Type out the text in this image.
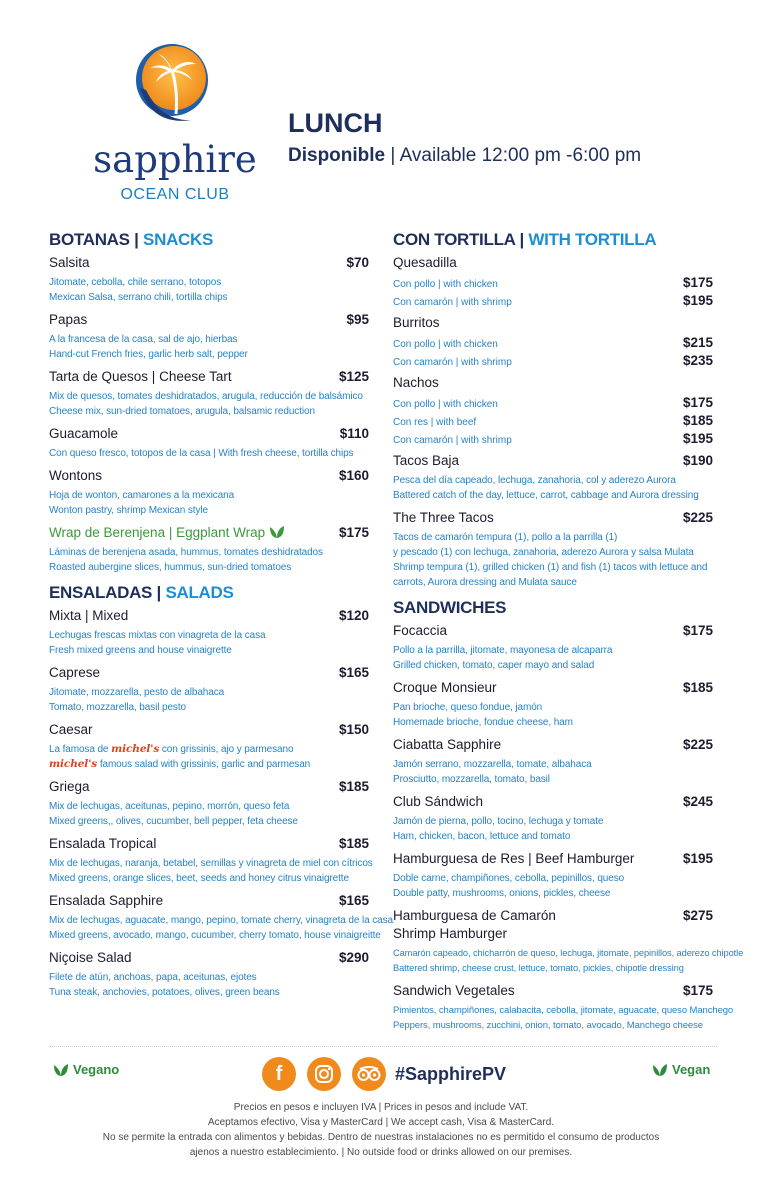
sapphire
OCEAN CLUB
LUNCH
Disponible | Available 12:00 pm -6:00 pm
BOTANAS | SNACKS
Salsita	$70
Jitomate, cebolla, chile serrano, totopos
Mexican Salsa, serrano chili, tortilla chips
Papas	$95
A la francesa de la casa, sal de ajo, hierbas
Hand-cut French fries, garlic herb salt, pepper
Tarta de Quesos | Cheese Tart	$125
Mix de quesos, tomates deshidratados, arugula, reducción de balsámico
Cheese mix, sun-dried tomatoes, arugula, balsamic reduction
Guacamole	$110
Con queso fresco, totopos de la casa | With fresh cheese, tortilla chips
Wontons	$160
Hoja de wonton, camarones a la mexicana
Wonton pastry, shrimp Mexican style
Wrap de Berenjena | Eggplant Wrap	$175
Láminas de berenjena asada, hummus, tomates deshidratados
Roasted aubergine slices, hummus, sun-dried tomatoes
ENSALADAS | SALADS
Mixta | Mixed	$120
Lechugas frescas mixtas con vinagreta de la casa
Fresh mixed greens and house vinaigrette
Caprese	$165
Jitomate, mozzarella, pesto de albahaca
Tomato, mozzarella, basil pesto
Caesar	$150
La famosa de michel's con grissinis, ajo y parmesano
michel's famous salad with grissinis, garlic and parmesan
Griega	$185
Mix de lechugas, aceitunas, pepino, morrón, queso feta
Mixed greens,, olives, cucumber, bell pepper, feta cheese
Ensalada Tropical	$185
Mix de lechugas, naranja, betabel, semillas y vinagreta de miel con cítricos
Mixed greens, orange slices, beet, seeds and honey citrus vinaigrette
Ensalada Sapphire	$165
Mix de lechugas, aguacate, mango, pepino, tomate cherry, vinagreta de la casa
Mixed greens, avocado, mango, cucumber, cherry tomato, house vinaigreitte
Niçoise Salad	$290
Filete de atún, anchoas, papa, aceitunas, ejotes
Tuna steak, anchovies, potatoes, olives, green beans
CON TORTILLA | WITH TORTILLA
Quesadilla
Con pollo | with chicken	$175
Con camarón | with shrimp	$195
Burritos
Con pollo | with chicken	$215
Con camarón | with shrimp	$235
Nachos
Con pollo | with chicken	$175
Con res | with beef	$185
Con camarón | with shrimp	$195
Tacos Baja	$190
Pesca del día capeado, lechuga, zanahoria, col y aderezo Aurora
Battered catch of the day, lettuce, carrot, cabbage and Aurora dressing
The Three Tacos	$225
Tacos de camarón tempura (1), pollo a la parrilla (1)
y pescado (1) con lechuga, zanahoria, aderezo Aurora y salsa Mulata
Shrimp tempura (1), grilled chicken (1) and fish (1) tacos with lettuce and
carrots, Aurora dressing and Mulata sauce
SANDWICHES
Focaccia	$175
Pollo a la parrilla, jitomate, mayonesa de alcaparra
Grilled chicken, tomato, caper mayo and salad
Croque Monsieur	$185
Pan brioche, queso fondue, jamón
Homemade brioche, fondue cheese, ham
Ciabatta Sapphire	$225
Jamón serrano, mozzarella, tomate, albahaca
Prosciutto, mozzarella, tomato, basil
Club Sándwich	$245
Jamón de pierna, pollo, tocino, lechuga y tomate
Ham, chicken, bacon, lettuce and tomato
Hamburguesa de Res | Beef Hamburger	$195
Doble carne, champiñones, cebolla, pepinillos, queso
Double patty, mushrooms, onions, pickles, cheese
Hamburguesa de Camarón	$275
Shrimp Hamburger
Camarón capeado, chicharrón de queso, lechuga, jitomate, pepinillos, aderezo chipotle
Battered shrimp, cheese crust, lettuce, tomato, pickles, chipotle dressing
Sandwich Vegetales	$175
Pimientos, champiñones, calabacita, cebolla, jitomate, aguacate, queso Manchego
Peppers, mushrooms, zucchini, onion, tomato, avocado, Manchego cheese
Vegano	f	#SapphirePV	Vegan
Precios en pesos e incluyen IVA | Prices in pesos and include VAT.
Aceptamos efectivo, Visa y MasterCard | We accept cash, Visa & MasterCard.
No se permite la entrada con alimentos y bebidas. Dentro de nuestras instalaciones no es permitido el consumo de productos
ajenos a nuestro establecimiento. | No outside food or drinks allowed on our premises.
